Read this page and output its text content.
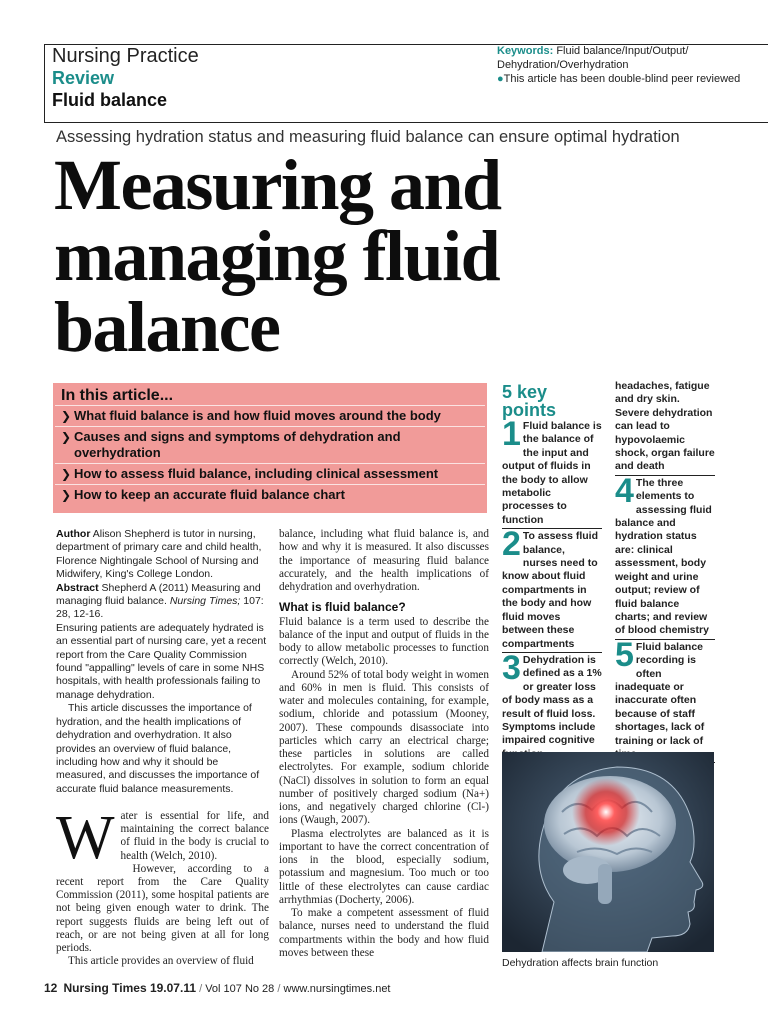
Nursing Practice
Review
Fluid balance
Keywords: Fluid balance/Input/Output/ Dehydration/Overhydration
●This article has been double-blind peer reviewed
Assessing hydration status and measuring fluid balance can ensure optimal hydration
Measuring and managing fluid balance
In this article...
❯ What fluid balance is and how fluid moves around the body
❯ Causes and signs and symptoms of dehydration and overhydration
❯ How to assess fluid balance, including clinical assessment
❯ How to keep an accurate fluid balance chart

Author Alison Shepherd is tutor in nursing, department of primary care and child health, Florence Nightingale School of Nursing and Midwifery, King's College London.

Abstract Shepherd A (2011) Measuring and managing fluid balance. Nursing Times; 107: 28, 12-16.

Ensuring patients are adequately hydrated is an essential part of nursing care, yet a recent report from the Care Quality Commission found "appalling" levels of care in some NHS hospitals, with health professionals failing to manage dehydration.

This article discusses the importance of hydration, and the health implications of dehydration and overhydration. It also provides an overview of fluid balance, including how and why it should be measured, and discusses the importance of accurate fluid balance measurements.

Water is essential for life, and maintaining the correct balance of fluid in the body is crucial to health (Welch, 2010).

However, according to a recent report from the Care Quality Commission (2011), some hospital patients are not being given enough water to drink. The report suggests fluids are being left out of reach, or are not being given at all for long periods.

This article provides an overview of fluid

balance, including what fluid balance is, and how and why it is measured. It also discusses the importance of measuring fluid balance accurately, and the health implications of dehydration and overhydration.

What is fluid balance?

Fluid balance is a term used to describe the balance of the input and output of fluids in the body to allow metabolic processes to function correctly (Welch, 2010).

Around 52% of total body weight in women and 60% in men is fluid. This consists of water and molecules containing, for example, sodium, chloride and potassium (Mooney, 2007). These compounds disassociate into particles which carry an electrical charge; these particles in solutions are called electrolytes. For example, sodium chloride (NaCl) dissolves in solution to form an equal number of positively charged sodium (Na+) ions, and negatively charged chlorine (Cl-) ions (Waugh, 2007).

Plasma electrolytes are balanced as it is important to have the correct concentration of ions in the blood, especially sodium, potassium and magnesium. Too much or too little of these electrolytes can cause cardiac arrhythmias (Docherty, 2006).

To make a competent assessment of fluid balance, nurses need to understand the fluid compartments within the body and how fluid moves between these

5 key points
1 Fluid balance is the balance of the input and output of fluids in the body to allow metabolic processes to function
2 To assess fluid balance, nurses need to know about fluid compartments in the body and how fluid moves between these compartments
3 Dehydration is defined as a 1% or greater loss of body mass as a result of fluid loss. Symptoms include impaired cognitive
headaches, fatigue and dry skin. Severe dehydration can lead to hypovolaemic shock, organ failure and death
4 The three elements to assessing fluid balance and hydration status are: clinical assessment, body weight and urine output; review of fluid balance charts; and review of blood chemistry
5 Fluid balance recording is often inadequate or inaccurate often because of staff shortages, lack of training or lack of
Dehydration affects brain function
12 Nursing Times 19.07.11 / Vol 107 No 28 / www.nursingtimes.net
